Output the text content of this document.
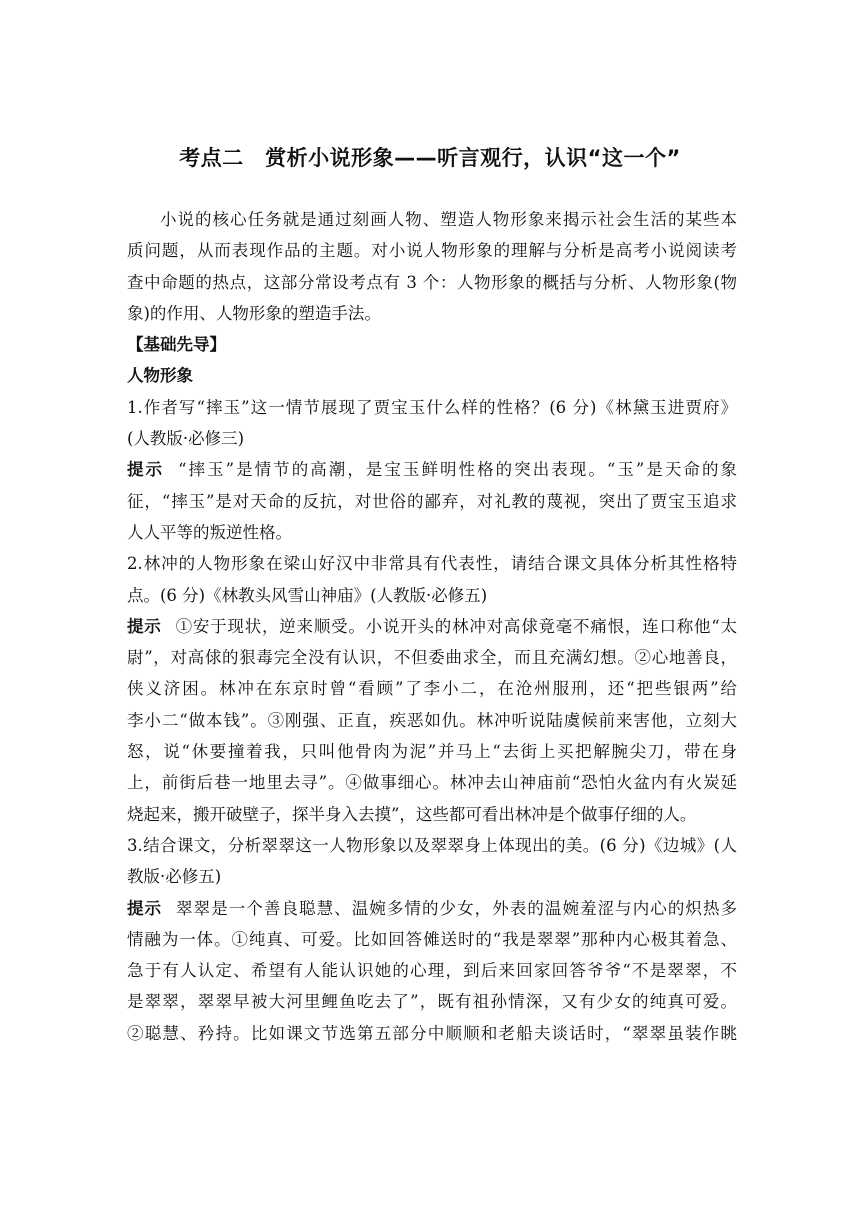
考点二　赏析小说形象——听言观行，认识“这一个”
小说的核心任务就是通过刻画人物、塑造人物形象来揭示社会生活的某些本
质问题，从而表现作品的主题。对小说人物形象的理解与分析是高考小说阅读考
查中命题的热点，这部分常设考点有 3 个：人物形象的概括与分析、人物形象(物
象)的作用、人物形象的塑造手法。
【基础先导】
人物形象
1.作者写“摔玉”这一情节展现了贾宝玉什么样的性格？(6 分)《林黛玉进贾府》
(人教版·必修三)
提示 “摔玉”是情节的高潮，是宝玉鲜明性格的突出表现。“玉”是天命的象
征，“摔玉”是对天命的反抗，对世俗的鄙弃，对礼教的蔑视，突出了贾宝玉追求
人人平等的叛逆性格。
2.林冲的人物形象在梁山好汉中非常具有代表性，请结合课文具体分析其性格特
点。(6 分)《林教头风雪山神庙》(人教版·必修五)
提示 ①安于现状，逆来顺受。小说开头的林冲对高俅竟毫不痛恨，连口称他“太
尉”，对高俅的狠毒完全没有认识，不但委曲求全，而且充满幻想。②心地善良，
侠义济困。林冲在东京时曾“看顾”了李小二，在沧州服刑，还“把些银两”给
李小二“做本钱”。③刚强、正直，疾恶如仇。林冲听说陆虞候前来害他，立刻大
怒，说“休要撞着我，只叫他骨肉为泥”并马上“去街上买把解腕尖刀，带在身
上，前街后巷一地里去寻”。④做事细心。林冲去山神庙前“恐怕火盆内有火炭延
烧起来，搬开破壁子，探半身入去摸”，这些都可看出林冲是个做事仔细的人。
3.结合课文，分析翠翠这一人物形象以及翠翠身上体现出的美。(6 分)《边城》(人
教版·必修五)
提示 翠翠是一个善良聪慧、温婉多情的少女，外表的温婉羞涩与内心的炽热多
情融为一体。①纯真、可爱。比如回答傩送时的“我是翠翠”那种内心极其着急、
急于有人认定、希望有人能认识她的心理，到后来回家回答爷爷“不是翠翠，不
是翠翠，翠翠早被大河里鲤鱼吃去了”，既有祖孙情深，又有少女的纯真可爱。
②聪慧、矜持。比如课文节选第五部分中顺顺和老船夫谈话时，“翠翠虽装作眺
